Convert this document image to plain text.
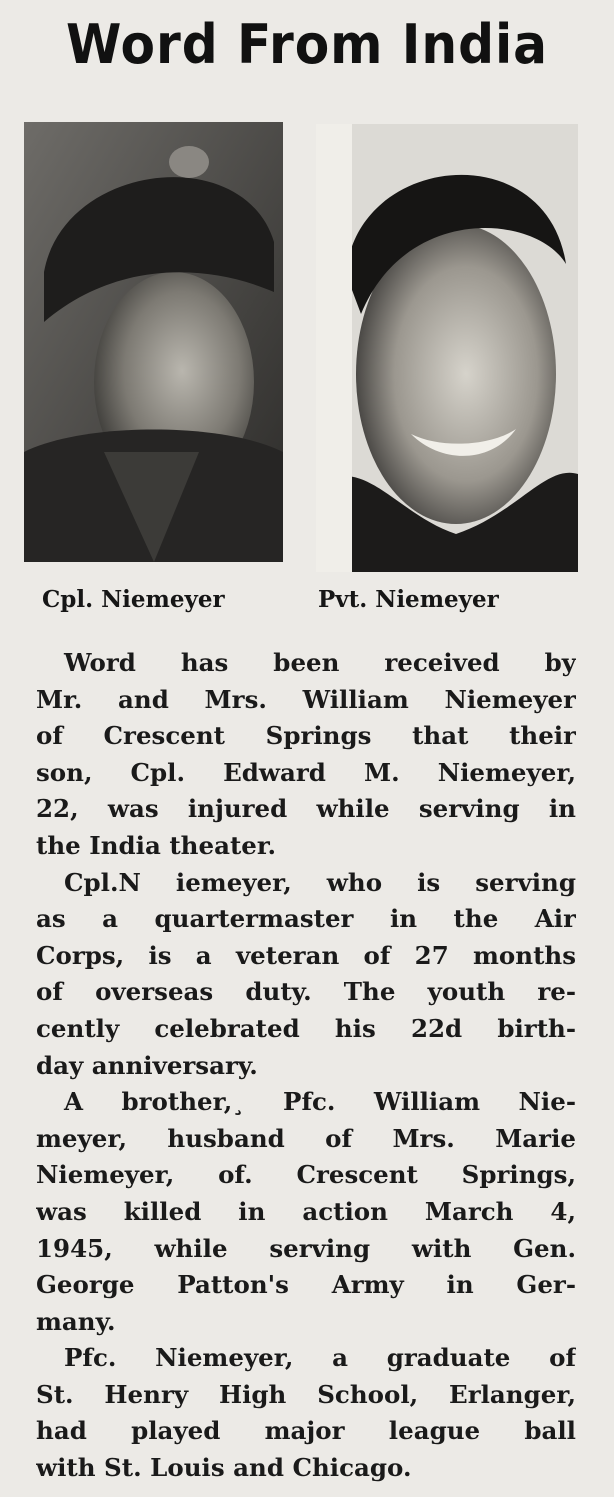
Word From India
Cpl. Niemeyer	Pvt. Niemeyer

Word has been received by
Mr. and Mrs. William Niemeyer
of Crescent Springs that their
son, Cpl. Edward M. Niemeyer,
22, was injured while serving in
the India theater.

Cpl.N iemeyer, who is serving
as a quartermaster in the Air
Corps, is a veteran of 27 months
of overseas duty. The youth re-
cently celebrated his 22d birth-
day anniversary.

A brother,¸ Pfc. William Nie-
meyer, husband of Mrs. Marie
Niemeyer, of. Crescent Springs,
was killed in action March 4,
1945, while serving with Gen.
George Patton's Army in Ger-
many.

Pfc. Niemeyer, a graduate of
St. Henry High School, Erlanger,
had played major league ball
with St. Louis and Chicago.
